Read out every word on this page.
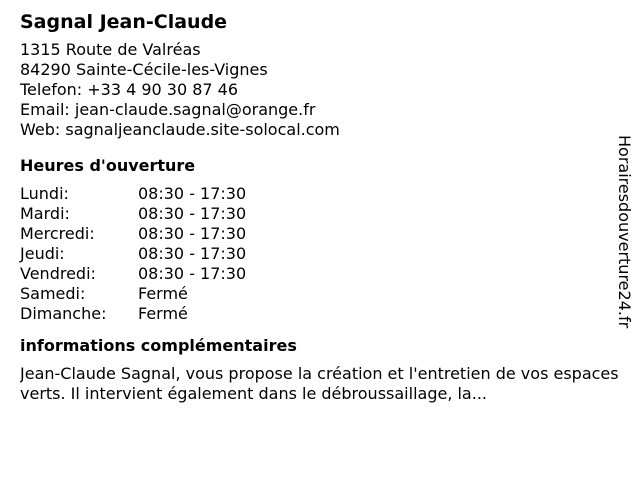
Sagnal Jean-Claude
1315 Route de Valréas
84290 Sainte-Cécile-les-Vignes
Telefon: +33 4 90 30 87 46
Email: jean-claude.sagnal@orange.fr
Web: sagnaljeanclaude.site-solocal.com
Heures d'ouverture
Lundi:	08:30 - 17:30
Mardi:	08:30 - 17:30
Mercredi:	08:30 - 17:30
Jeudi:	08:30 - 17:30
Vendredi:	08:30 - 17:30
Samedi:	Fermé
Dimanche:	Fermé
informations complémentaires
Jean-Claude Sagnal, vous propose la création et l'entretien de vos espaces verts. Il intervient également dans le débroussaillage, la...
Horairesdouverture24.fr
